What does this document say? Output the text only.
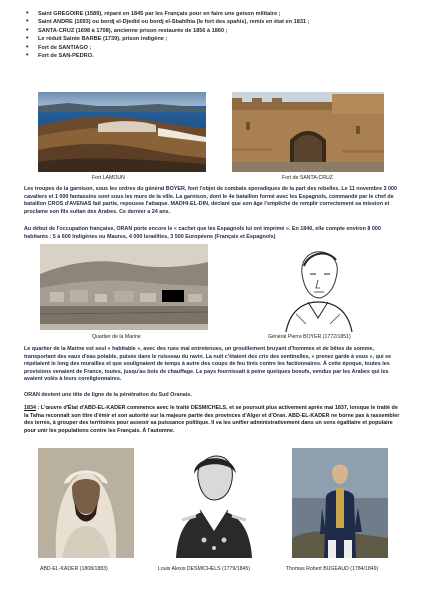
• Saint GREGOIRE (1589), réparé en 1845 par les Français pour en faire une geison militaire ;
• Saint ANDRE (1693) ou bordj el-Djedid ou bordj el-Sbahlhia (le fort des spahis), remis en état en 1831 ;
• SANTA-CRUZ (1698 à 1708), ancienne prison restaurée de 1856 à 1860 ;
• Le réduit Sainte BARBE (1739), prison indigène ;
• Fort de SANTIAGO ;
• Fort de SAN-PEDRO.
Fort LAMOUN	Fort de SANTA-CRUZ

Les troupes de la garnison, sous les ordres du général BOYER, font l'objet de combats sporadiques de la part des rebelles. Le 11 novembre 3 000 cavaliers et 1 000 fantassins sont sous les murs de la ville. La garnison, dont le 4e bataillon formé avec les Espagnols, commandé par le chef de bataillon CROS d'AVENAS fait partie, repousse l'attaque. MADHI-EL-DIN, déclaré que son âge l'empêche de remplir correctement sa mission et proclame son fils sultan des Arabes. Ce dernier a 24 ans.

Au début de l'occupation française, ORAN porte encore le « cachet que les Espagnols lui ont imprimé ». En 1840, elle compte environ 8 000 habitants : 5 à 600 Indigènes ou Maures, 4 000 Israélites, 3 500 Européens (Français et Espagnols)

Quartier de la Marine	Général Pierre BOYER (1772/1851)

Le quartier de la Marine est seul « habitable », avec des rues mal entretenues, un grouillement bruyant d'hommes et de bêtes de somme, transportant des eaux d'eau potable, puisée dans le ruisseau du ravin. La nuit c'étaient des cris des sentinelles, « prenez garde à vous », qui se répétaient le long des murailles et que soulignaient de temps à autre des coups de feu tirés contre les factionnaires. À cette époque, toutes les provisions venaient de France, toutes, jusqu'au bois de chauffage. Le pays fournissait à peine quelques boeufs, vendus par les Arabes qui les avaient volés à leurs coreligionnaires.

ORAN devient une tête de ligne de la pénétration du Sud Oranais.

1834 : L'œuvre d'État d'ABD-EL-KADER commence avec le traité DESMICHELS, et se poursuit plus activement après mai 1837, lorsque le traité de la Tafna reconnaît son titre d'émir et son autorité sur la majeure partie des provinces d'Alger et d'Oran. ABD-EL-KADER ne borne pas à rassembler des terres, à grouper des territoires pour asseoir sa puissance politique. Il va les unifier administrativement dans un sens égalitaire et populaire pour unir les populations contre les Français. À l'automne.

ABD-EL-KADER (1808/1883)	Louis Alexis DESMICHELS (1779/1845)	Thomas Robert BUGEAUD (1784/1849)
